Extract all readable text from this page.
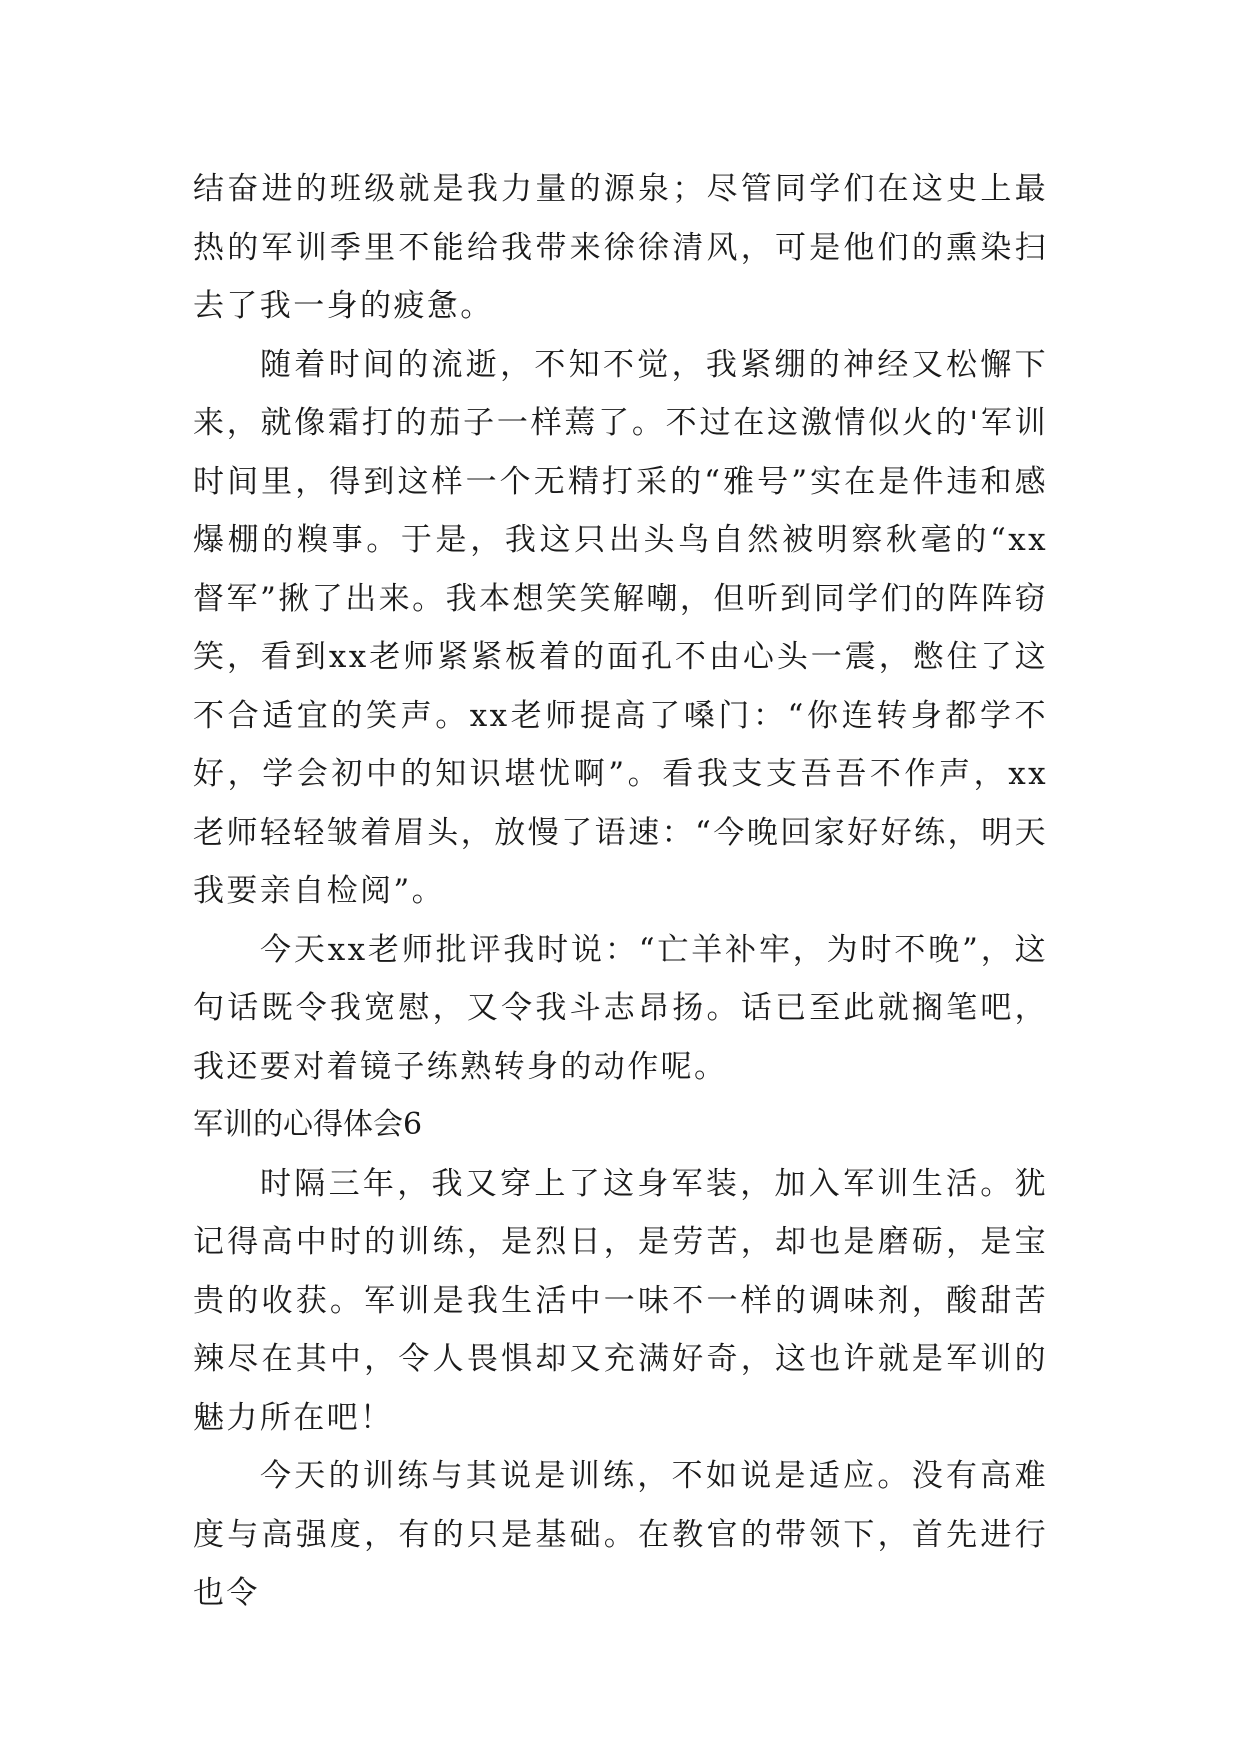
结奋进的班级就是我力量的源泉；尽管同学们在这史上最热的军训季里不能给我带来徐徐清风，可是他们的熏染扫去了我一身的疲惫。

随着时间的流逝，不知不觉，我紧绷的神经又松懈下来，就像霜打的茄子一样蔫了。不过在这激情似火的'军训时间里，得到这样一个无精打采的“雅号”实在是件违和感爆棚的糗事。于是，我这只出头鸟自然被明察秋毫的“xx督军”揪了出来。我本想笑笑解嘲，但听到同学们的阵阵窃笑，看到xx老师紧紧板着的面孔不由心头一震，憋住了这不合适宜的笑声。xx老师提高了嗓门：“你连转身都学不好，学会初中的知识堪忧啊”。看我支支吾吾不作声，xx老师轻轻皱着眉头，放慢了语速：“今晚回家好好练，明天我要亲自检阅”。

今天xx老师批评我时说：“亡羊补牢，为时不晚”，这句话既令我宽慰，又令我斗志昂扬。话已至此就搁笔吧，我还要对着镜子练熟转身的动作呢。

军训的心得体会6

时隔三年，我又穿上了这身军装，加入军训生活。犹记得高中时的训练，是烈日，是劳苦，却也是磨砺，是宝贵的收获。军训是我生活中一味不一样的调味剂，酸甜苦辣尽在其中，令人畏惧却又充满好奇，这也许就是军训的魅力所在吧！

今天的训练与其说是训练，不如说是适应。没有高难度与高强度，有的只是基础。在教官的带领下，首先进行也令
